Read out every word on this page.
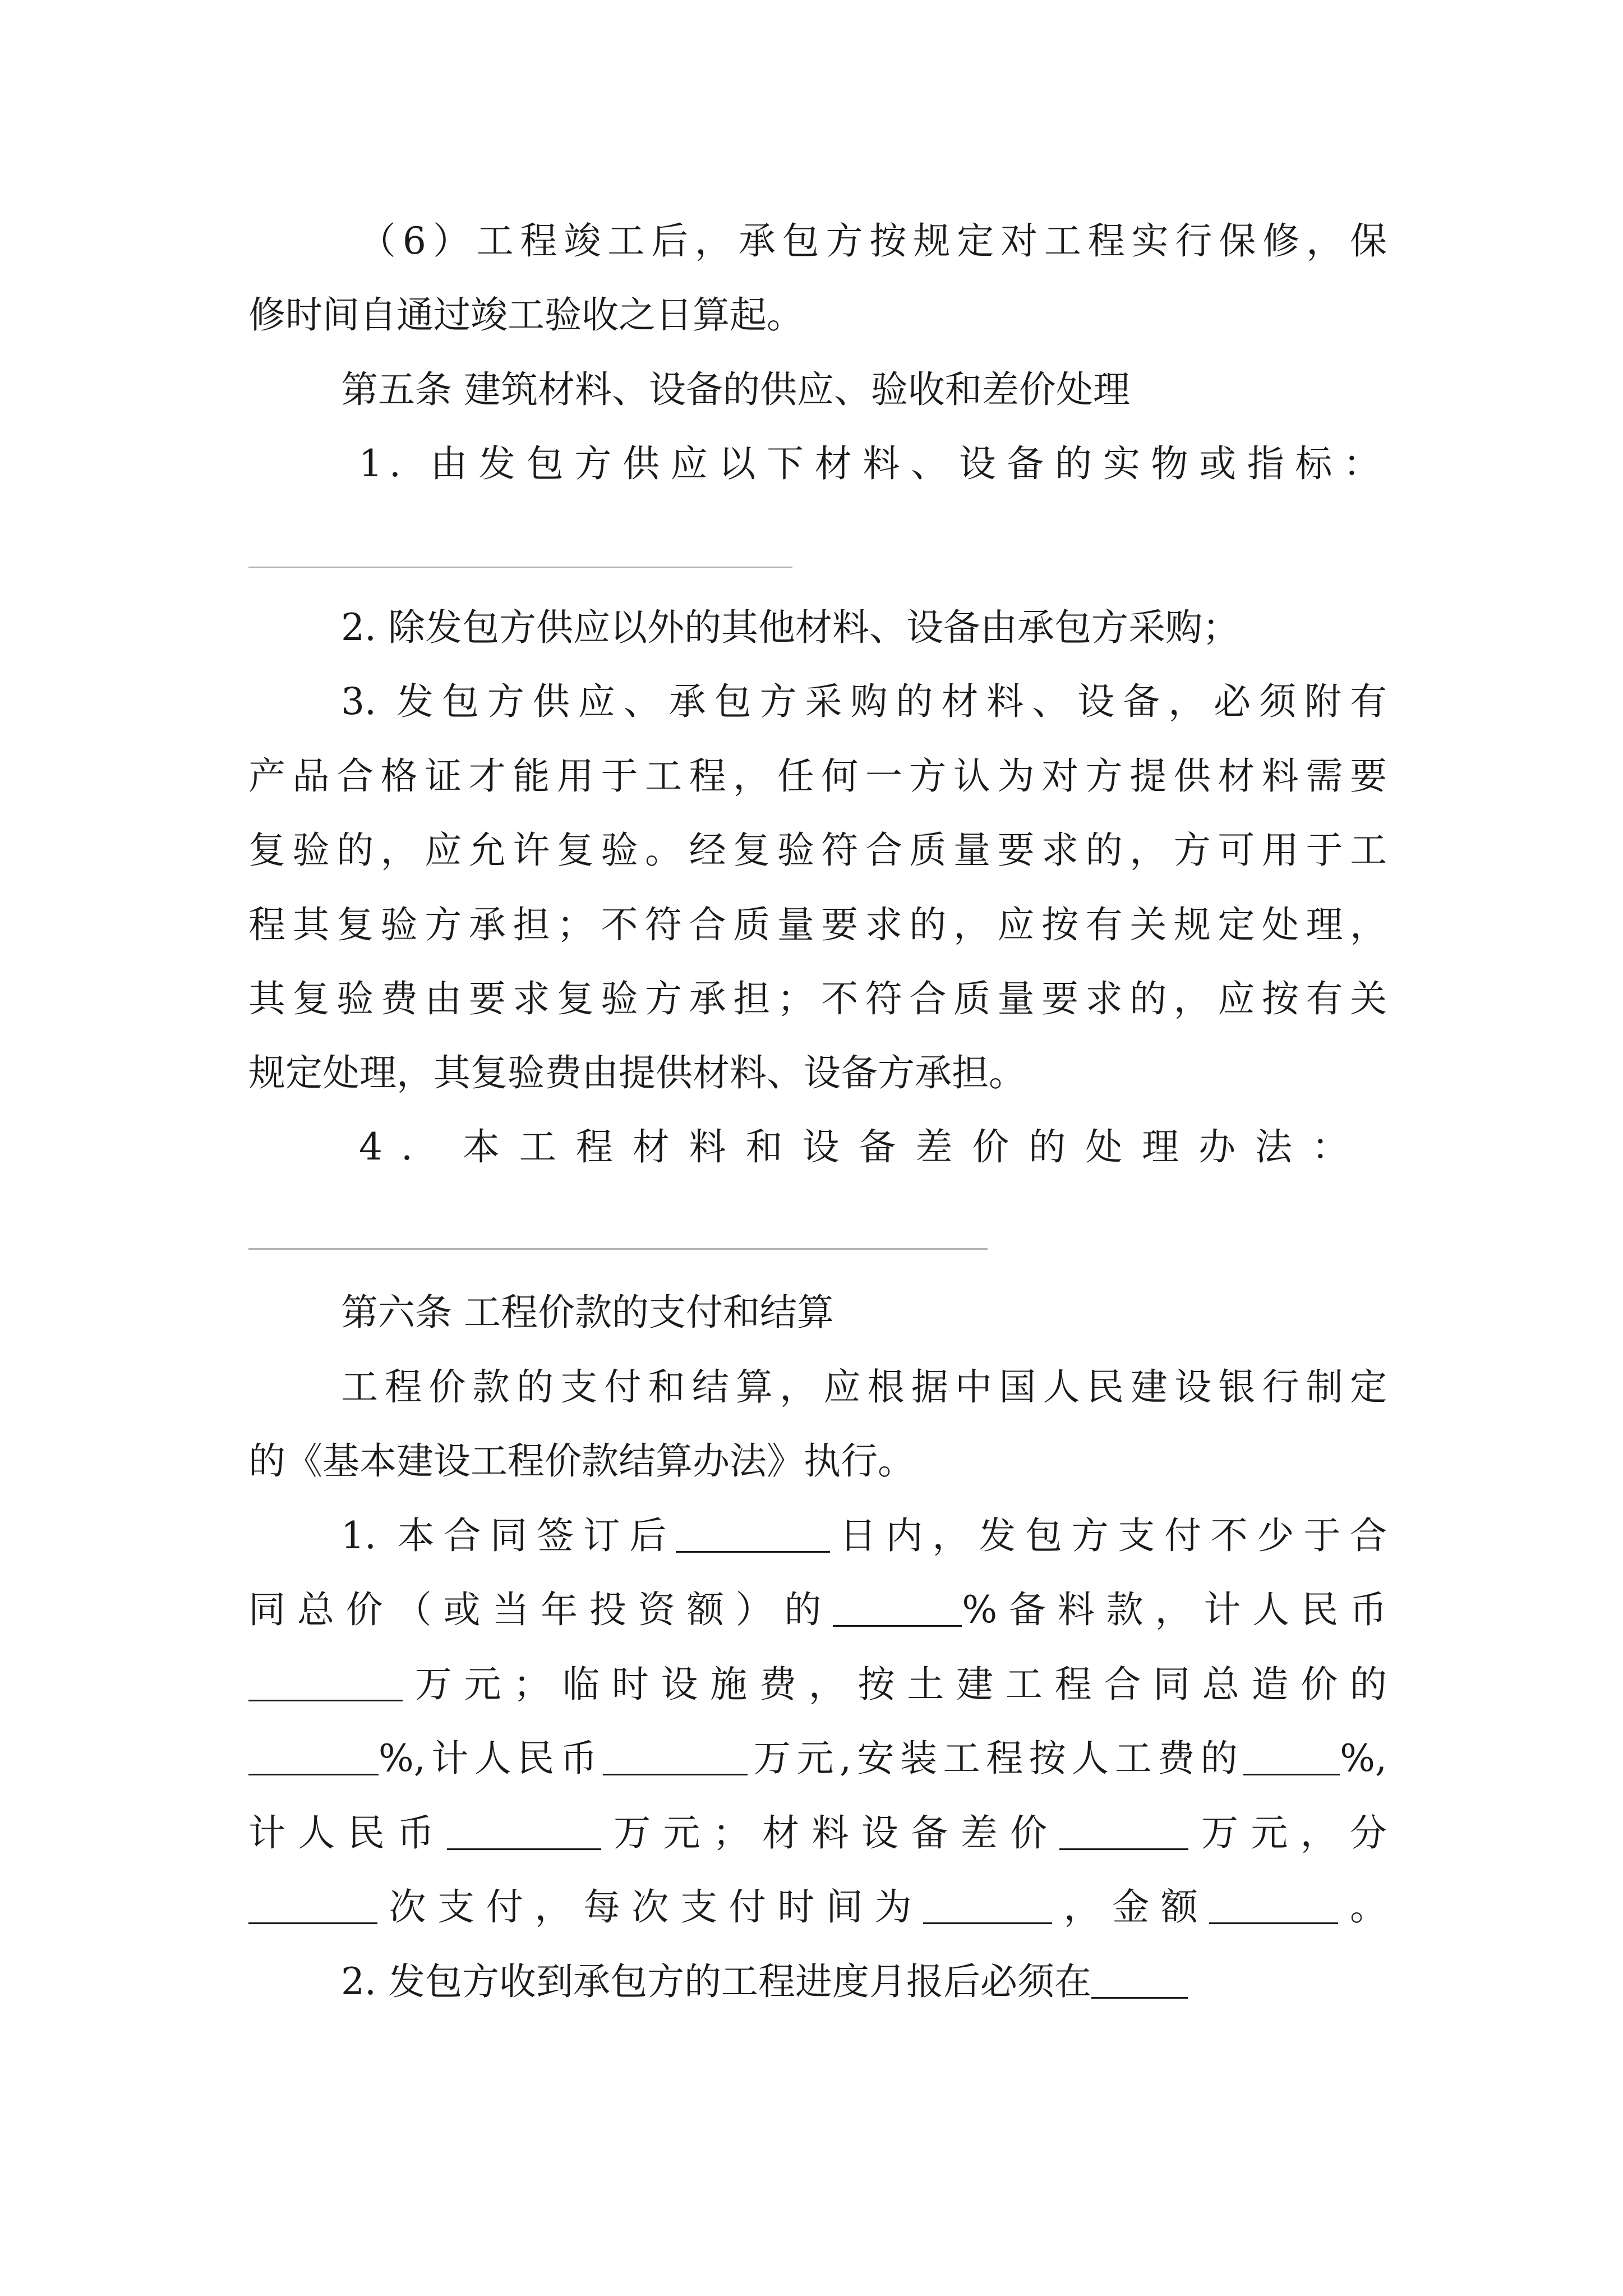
（6）工程竣工后，承包方按规定对工程实行保修，保
修时间自通过竣工验收之日算起。
第五条 建筑材料、设备的供应、验收和差价处理
1. 由发包方供应以下材料、设备的实物或指标：
2. 除发包方供应以外的其他材料、设备由承包方采购；
3. 发包方供应、承包方采购的材料、设备，必须附有
产品合格证才能用于工程，任何一方认为对方提供材料需要
复验的，应允许复验。经复验符合质量要求的，方可用于工
程其复验方承担；不符合质量要求的，应按有关规定处理，
其复验费由要求复验方承担；不符合质量要求的，应按有关
规定处理，其复验费由提供材料、设备方承担。
4. 本工程材料和设备差价的处理办法：
第六条 工程价款的支付和结算
工程价款的支付和结算，应根据中国人民建设银行制定
的《基本建设工程价款结算办法》执行。
1. 本合同签订后	日内，发包方支付不少于合
同总价（或当年投资额）的	%备料款，计人民币
万元；临时设施费，按土建工程合同总造价的
%,计人民币	万元,安装工程按人工费的	%,
计人民币	万元；材料设备差价	万元，分
次支付，每次支付时间为	，金额	。
2. 发包方收到承包方的工程进度月报后必须在
